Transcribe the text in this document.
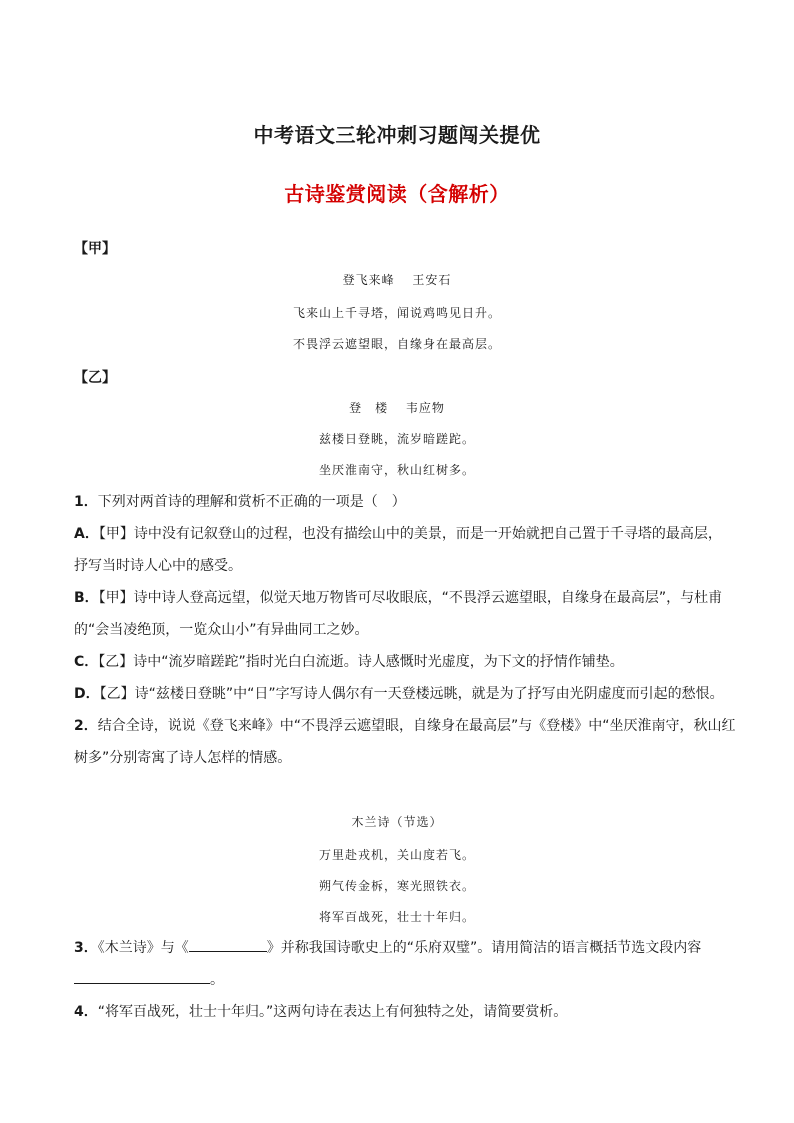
中考语文三轮冲刺习题闯关提优
古诗鉴赏阅读（含解析）
【甲】
登飞来峰　 王安石
飞来山上千寻塔，闻说鸡鸣见日升。
不畏浮云遮望眼，自缘身在最高层。
【乙】
登　楼　 韦应物
兹楼日登眺，流岁暗蹉跎。
坐厌淮南守，秋山红树多。
1．下列对两首诗的理解和赏析不正确的一项是（　）
A．【甲】诗中没有记叙登山的过程，也没有描绘山中的美景，而是一开始就把自己置于千寻塔的最高层，
抒写当时诗人心中的感受。
B．【甲】诗中诗人登高远望，似觉天地万物皆可尽收眼底，“不畏浮云遮望眼，自缘身在最高层”，与杜甫
的“会当凌绝顶，一览众山小”有异曲同工之妙。
C．【乙】诗中“流岁暗蹉跎”指时光白白流逝。诗人感慨时光虚度，为下文的抒情作铺垫。
D．【乙】诗“兹楼日登眺”中“日”字写诗人偶尔有一天登楼远眺，就是为了抒写由光阴虚度而引起的愁恨。
2．结合全诗，说说《登飞来峰》中“不畏浮云遮望眼，自缘身在最高层”与《登楼》中“坐厌淮南守，秋山红
树多”分别寄寓了诗人怎样的情感。
木兰诗（节选）
万里赴戎机，关山度若飞。
朔气传金柝，寒光照铁衣。
将军百战死，壮士十年归。
3．《木兰诗》与《	》并称我国诗歌史上的“乐府双璧”。请用简洁的语言概括节选文段内容
。
4．“将军百战死，壮士十年归。”这两句诗在表达上有何独特之处，请简要赏析。
